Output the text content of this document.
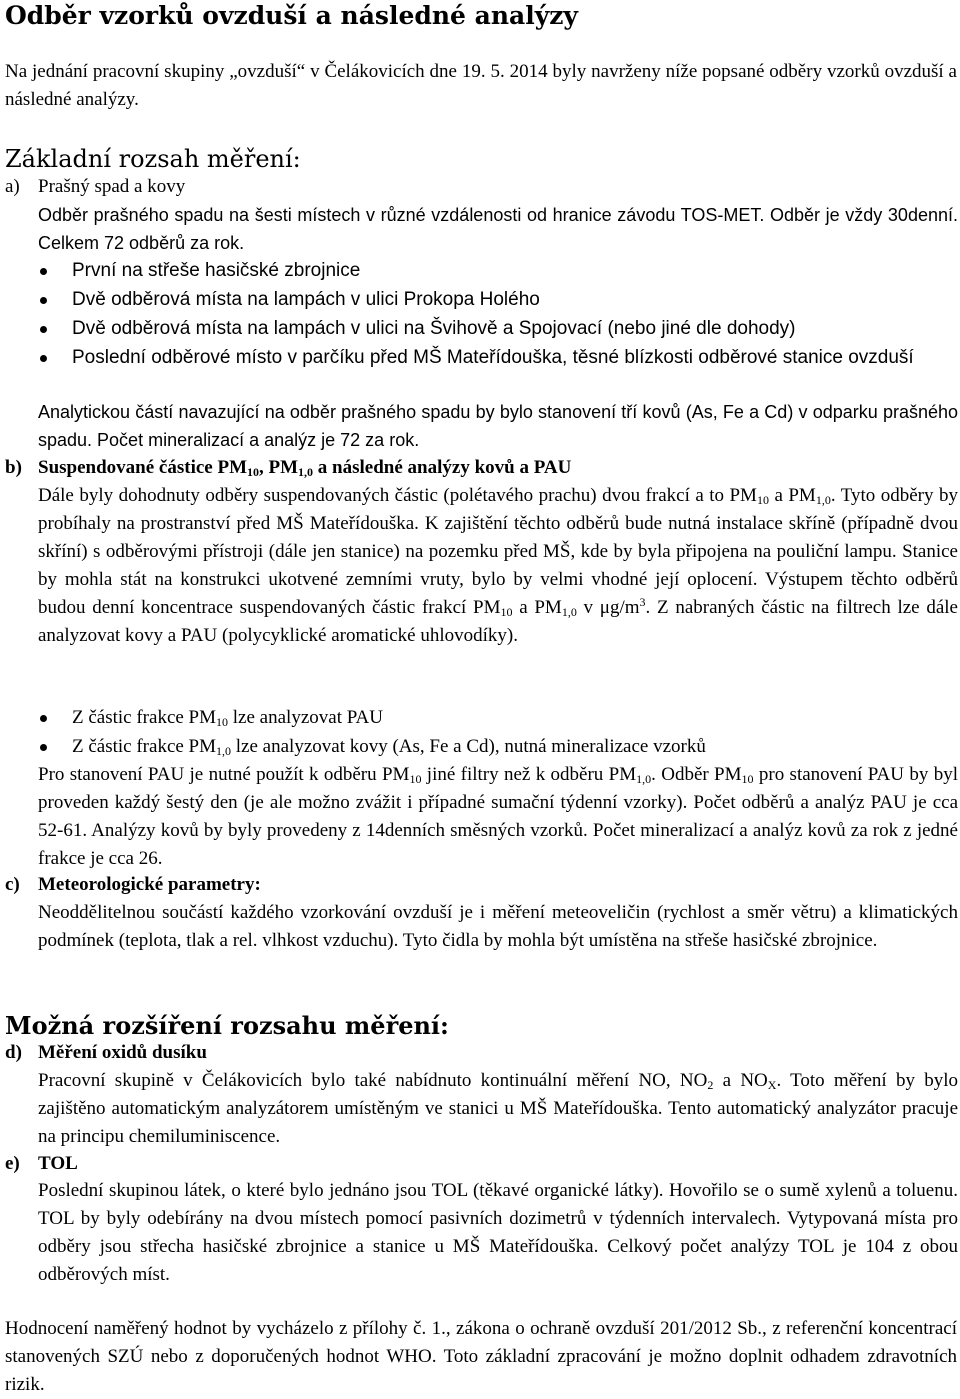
Odběr vzorků ovzduší a následné analýzy
Na jednání pracovní skupiny „ovzduší“ v Čelákovicích dne 19. 5. 2014 byly navrženy níže popsané odběry vzorků ovzduší a následné analýzy.
Základní rozsah měření:
a) Prašný spad a kovy
Odběr prašného spadu na šesti místech v různé vzdálenosti od hranice závodu TOS-MET. Odběr je vždy 30denní. Celkem 72 odběrů za rok.
První na střeše hasičské zbrojnice
Dvě odběrová místa na lampách v ulici Prokopa Holého
Dvě odběrová místa na lampách v ulici na Švihově a Spojovací (nebo jiné dle dohody)
Poslední odběrové místo v parčíku před MŠ Mateřídouška, těsné blízkosti odběrové stanice ovzduší
Analytickou částí navazující na odběr prašného spadu by bylo stanovení tří kovů (As, Fe a Cd) v odparku prašného spadu. Počet mineralizací a analýz je 72 za rok.
b) Suspendované částice $PM_{10}$, $PM_{1,0}$ a následné analýzy kovů a PAU
Dále byly dohodnuty odběry suspendovaných částic (polétavého prachu) dvou frakcí a to $PM_{10}$ a $PM_{1,0}$. Tyto odběry by probíhaly na prostranství před MŠ Mateřídouška. K zajištění těchto odběrů bude nutná instalace skříně (případně dvou skříní) s odběrovými přístroji (dále jen stanice) na pozemku před MŠ, kde by byla připojena na pouliční lampu. Stanice by mohla stát na konstrukci ukotvené zemními vruty, bylo by velmi vhodné její oplocení. Výstupem těchto odběrů budou denní koncentrace suspendovaných částic frakcí $PM_{10}$ a $PM_{1,0}$ v $\mu g/m^3$. Z nabraných částic na filtrech lze dále analyzovat kovy a PAU (polycyklické aromatické uhlovodíky).
Z částic frakce $PM_{10}$ lze analyzovat PAU
Z částic frakce $PM_{1,0}$ lze analyzovat kovy (As, Fe a Cd), nutná mineralizace vzorků
Pro stanovení PAU je nutné použít k odběru $PM_{10}$ jiné filtry než k odběru $PM_{1,0}$. Odběr $PM_{10}$ pro stanovení PAU by byl proveden každý šestý den (je ale možno zvážit i případné sumační týdenní vzorky). Počet odběrů a analýz PAU je cca 52-61. Analýzy kovů by byly provedeny z 14denních směsných vzorků. Počet mineralizací a analýz kovů za rok z jedné frakce je cca 26.
c) Meteorologické parametry:
Neoddělitelnou součástí každého vzorkování ovzduší je i měření meteoveličin (rychlost a směr větru) a klimatických podmínek (teplota, tlak a rel. vlhkost vzduchu). Tyto čidla by mohla být umístěna na střeše hasičské zbrojnice.
Možná rozšíření rozsahu měření:
d) Měření oxidů dusíku
Pracovní skupině v Čelákovicích bylo také nabídnuto kontinuální měření NO, $NO_2$ a $NO_X$. Toto měření by bylo zajištěno automatickým analyzátorem umístěným ve stanici u MŠ Mateřídouška. Tento automatický analyzátor pracuje na principu chemiluminiscence.
e) TOL
Poslední skupinou látek, o které bylo jednáno jsou TOL (těkavé organické látky). Hovořilo se o sumě xylenů a toluenu. TOL by byly odebírány na dvou místech pomocí pasivních dozimetrů v týdenních intervalech. Vytypovaná místa pro odběry jsou střecha hasičské zbrojnice a stanice u MŠ Mateřídouška. Celkový počet analýzy TOL je 104 z obou odběrových míst.
Hodnocení naměřený hodnot by vycházelo z přílohy č. 1., zákona o ochraně ovzduší 201/2012 Sb., z referenční koncentrací stanovených SZÚ nebo z doporučených hodnot WHO. Toto základní zpracování je možno doplnit odhadem zdravotních rizik.
